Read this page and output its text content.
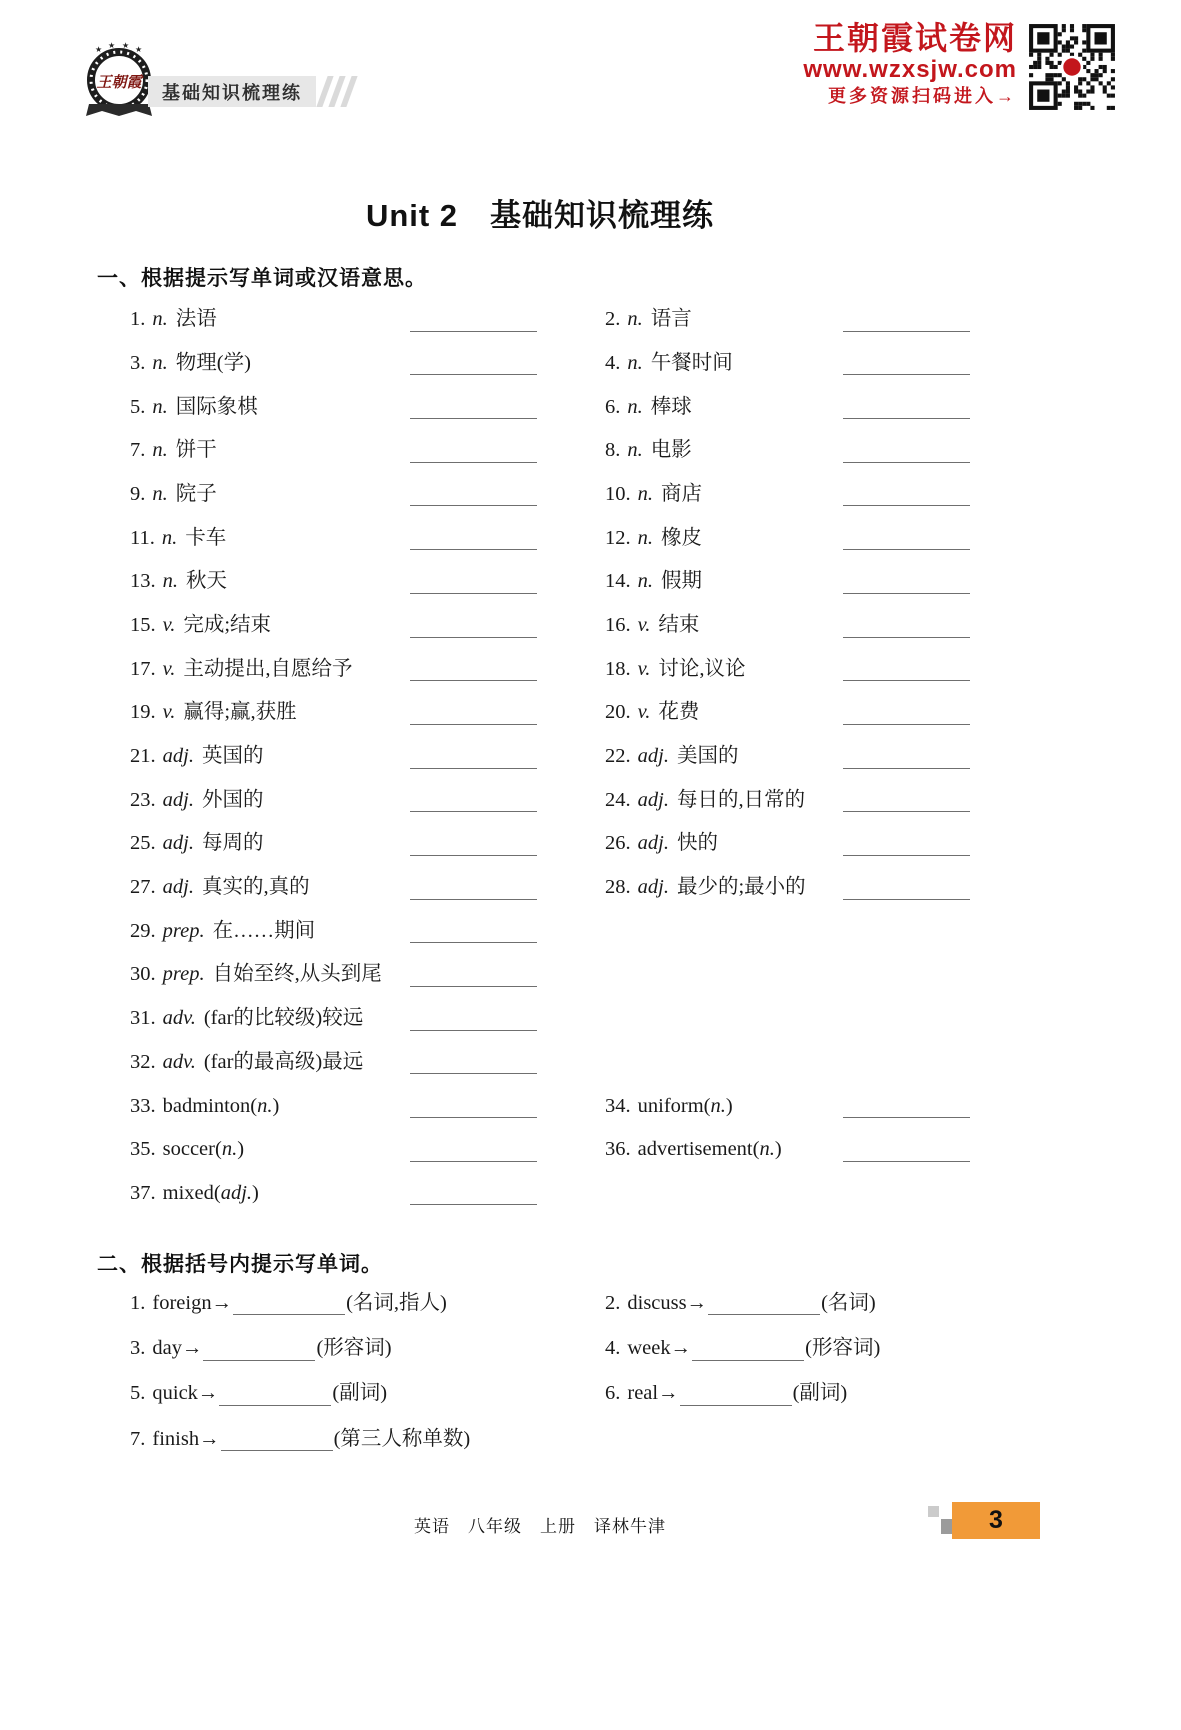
★ ★ ★ ★
王朝霞 基础知识梳理练
王朝霞试卷网
www.wzxsjw.com
更多资源扫码进入→
Unit 2　基础知识梳理练
一、根据提示写单词或汉语意思。
1. n. 法语	2. n. 语言
3. n. 物理(学)	4. n. 午餐时间
5. n. 国际象棋	6. n. 棒球
7. n. 饼干	8. n. 电影
9. n. 院子	10. n. 商店
11. n. 卡车	12. n. 橡皮
13. n. 秋天	14. n. 假期
15. v. 完成;结束	16. v. 结束
17. v. 主动提出,自愿给予	18. v. 讨论,议论
19. v. 赢得;赢,获胜	20. v. 花费
21. adj. 英国的	22. adj. 美国的
23. adj. 外国的	24. adj. 每日的,日常的
25. adj. 每周的	26. adj. 快的
27. adj. 真实的,真的	28. adj. 最少的;最小的
29. prep. 在……期间
30. prep. 自始至终,从头到尾
31. adv. (far的比较级)较远
32. adv. (far的最高级)最远
33. badminton(n.)	34. uniform(n.)
35. soccer(n.)	36. advertisement(n.)
37. mixed(adj.)
二、根据括号内提示写单词。
1. foreign→	(名词,指人)	2. discuss→	(名词)
3. day→	(形容词)	4. week→	(形容词)
5. quick→	(副词)	6. real→	(副词)
7. finish→	(第三人称单数)
英语　八年级　上册　译林牛津	3
